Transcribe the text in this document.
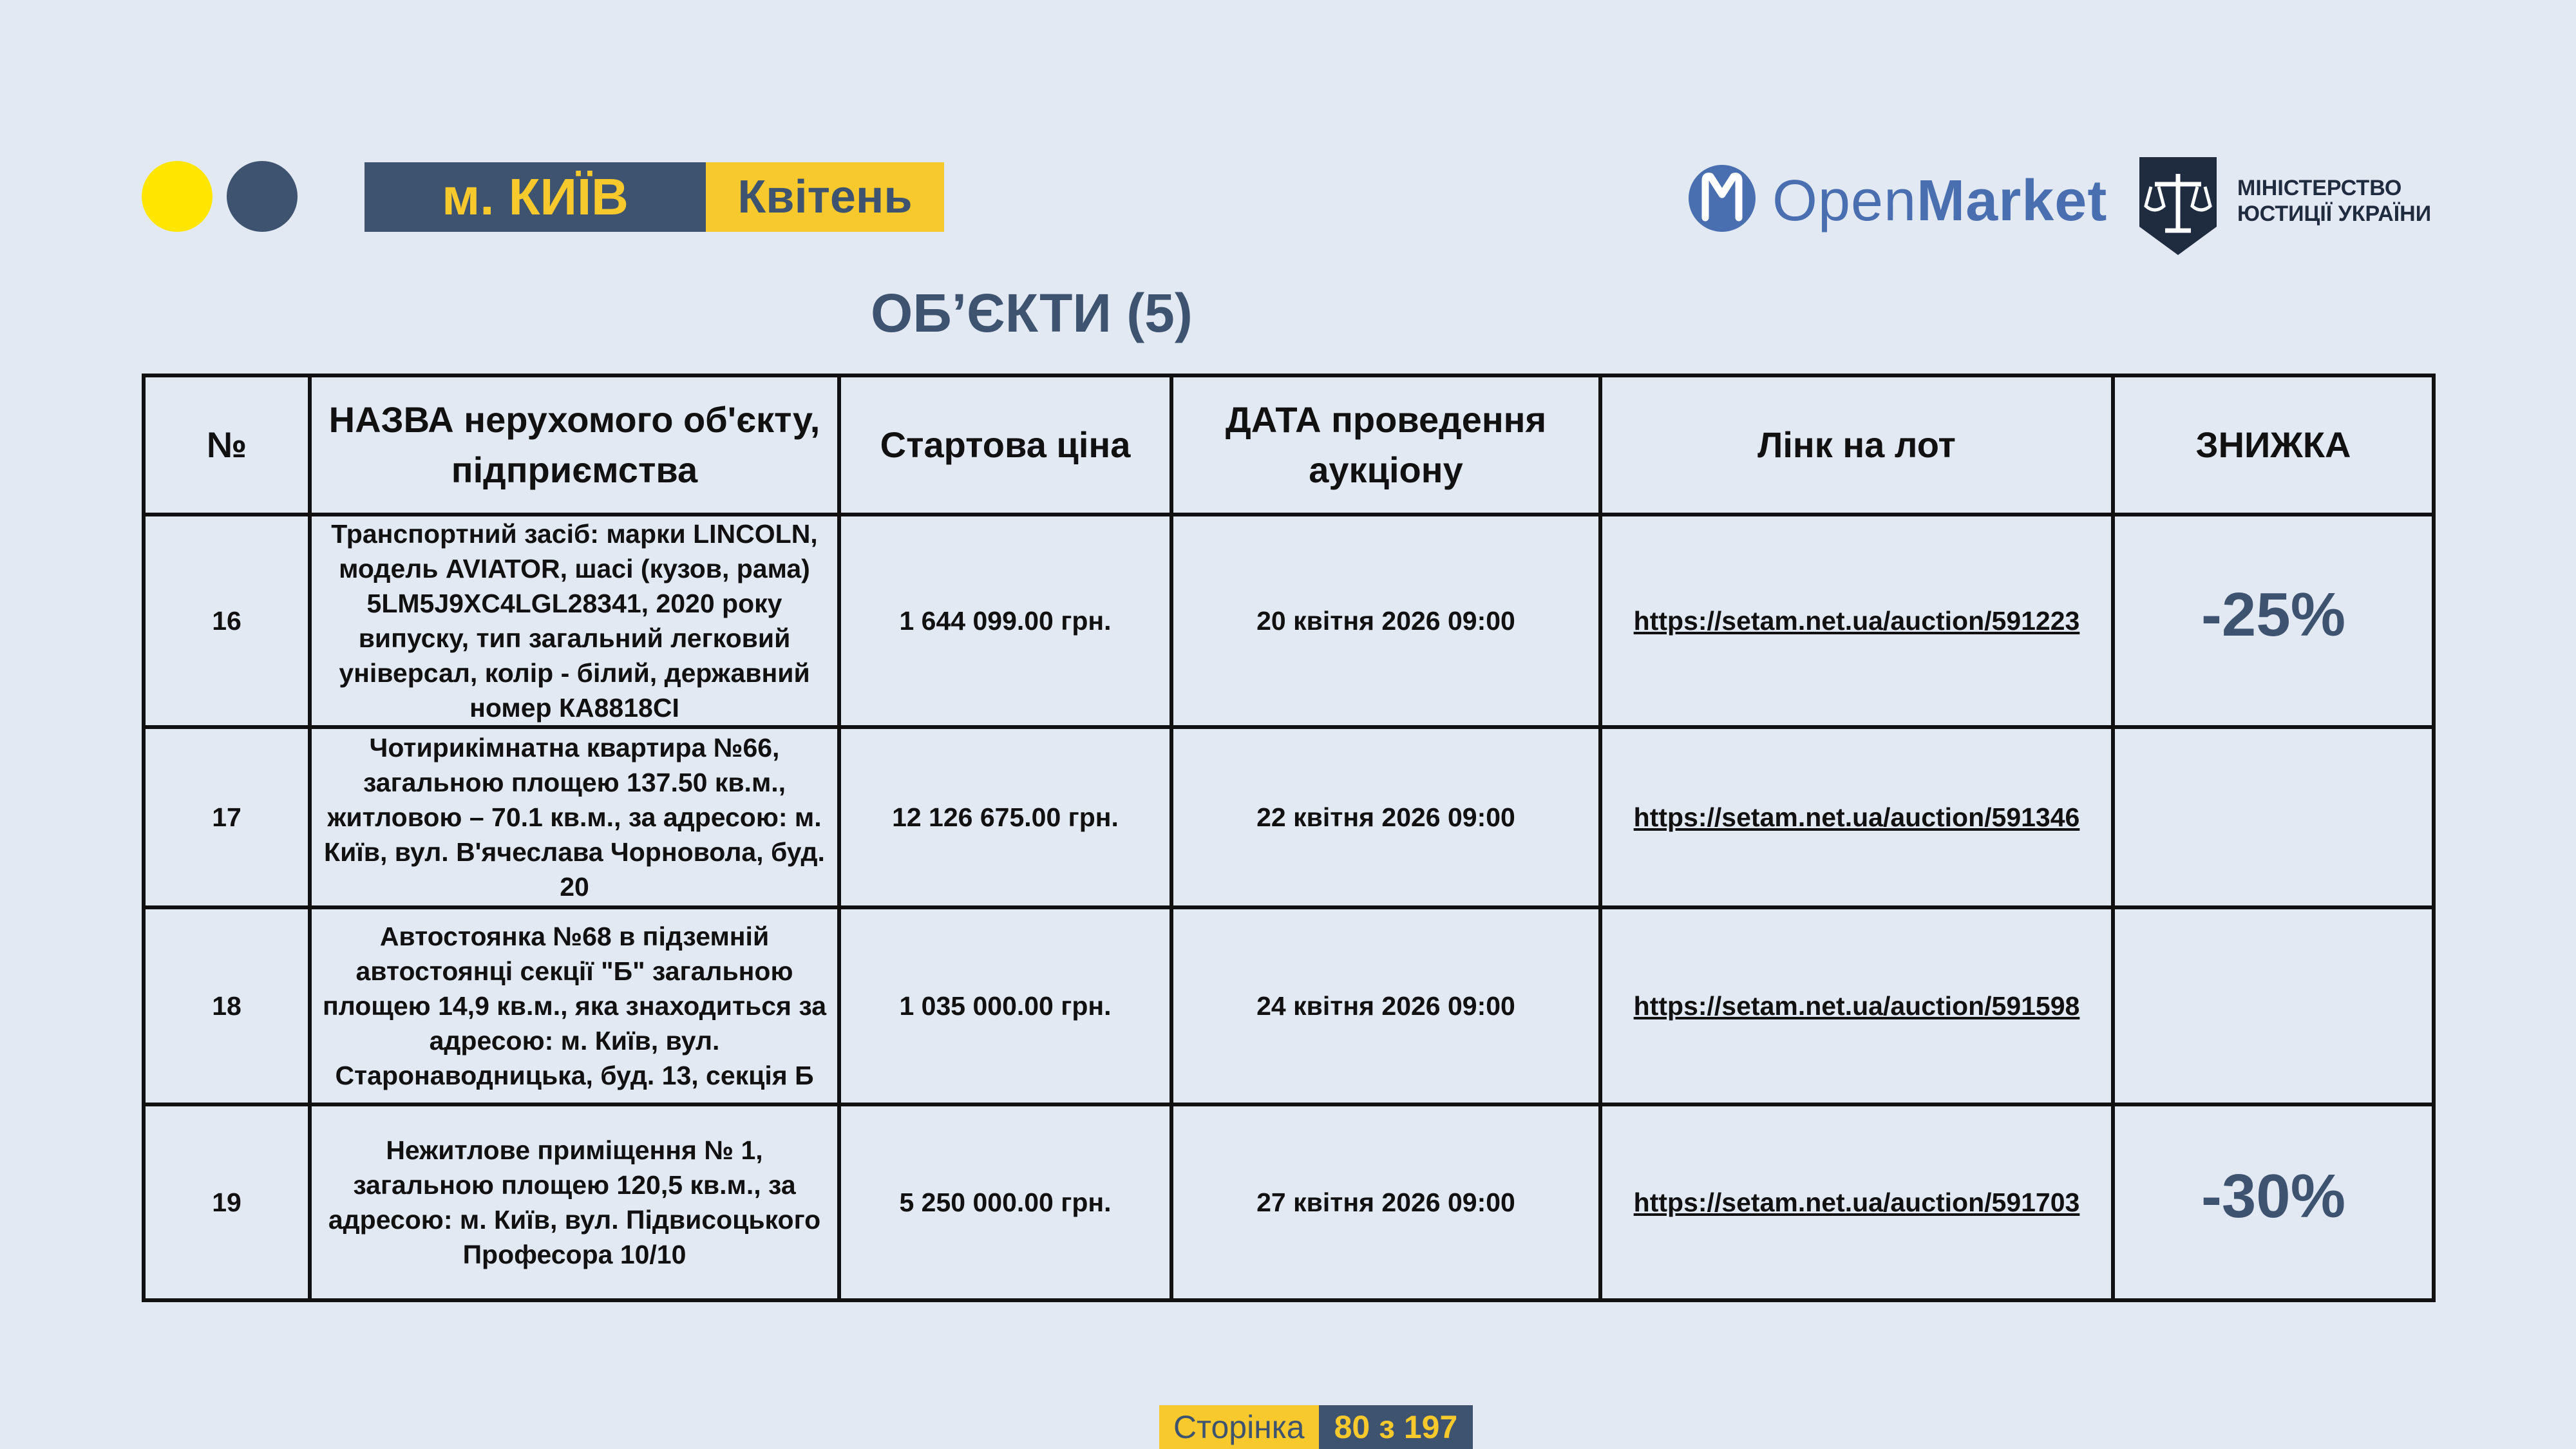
м. КИЇВ	Квітень	OpenMarket	МІНІСТЕРСТВО
ЮСТИЦІЇ УКРАЇНИ
ОБ’ЄКТИ (5)
№	НАЗВА нерухомого об'єкту, підприємства	Стартова ціна	ДАТА проведення аукціону	Лінк на лот	ЗНИЖКА
16	Транспортний засіб: марки LINCOLN, модель AVIATOR, шасі (кузов, рама) 5LM5J9XC4LGL28341, 2020 року випуску, тип загальний легковий універсал, колір - білий, державний номер КА8818СІ	1 644 099.00 грн.	20 квітня 2026 09:00	https://setam.net.ua/auction/591223	-25%
17	Чотирикімнатна квартира №66, загальною площею 137.50 кв.м., житловою – 70.1 кв.м., за адресою: м. Київ, вул. В'ячеслава Чорновола, буд. 20	12 126 675.00 грн.	22 квітня 2026 09:00	https://setam.net.ua/auction/591346	
18	Автостоянка №68 в підземній автостоянці секції "Б" загальною площею 14,9 кв.м., яка знаходиться за адресою: м. Київ, вул. Старонаводницька, буд. 13, секція Б	1 035 000.00 грн.	24 квітня 2026 09:00	https://setam.net.ua/auction/591598	
19	Нежитлове приміщення № 1, загальною площею 120,5 кв.м., за адресою: м. Київ, вул. Підвисоцького Професора 10/10	5 250 000.00 грн.	27 квітня 2026 09:00	https://setam.net.ua/auction/591703	-30%
Сторінка 80 з 197
